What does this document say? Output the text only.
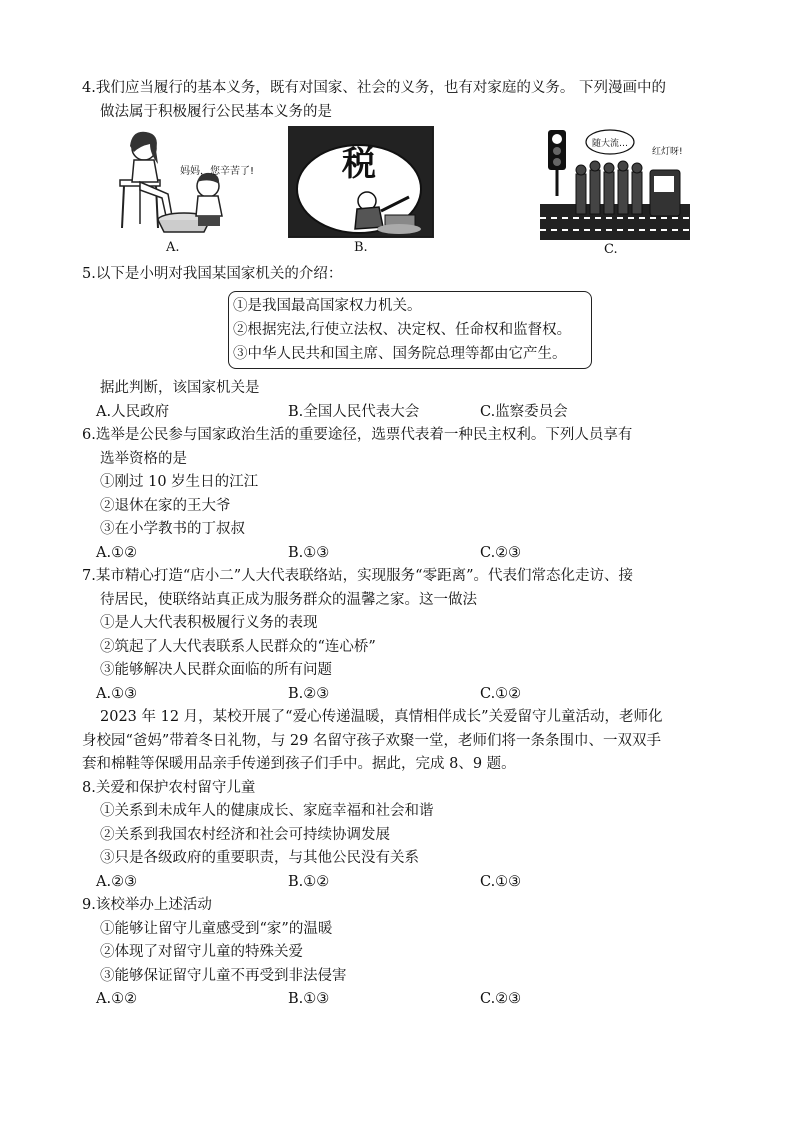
4.我们应当履行的基本义务，既有对国家、社会的义务，也有对家庭的义务。 下列漫画中的
做法属于积极履行公民基本义务的是
妈妈，您辛苦了!
A.
税
B.
随大流…
红灯呀!
C.
5.以下是小明对我国某国家机关的介绍：
①是我国最高国家权力机关。
②根据宪法,行使立法权、决定权、任命权和监督权。
③中华人民共和国主席、国务院总理等都由它产生。
据此判断，该国家机关是
A.人民政府	B.全国人民代表大会	C.监察委员会
6.选举是公民参与国家政治生活的重要途径，选票代表着一种民主权利。下列人员享有
选举资格的是
①刚过 10 岁生日的江江
②退休在家的王大爷
③在小学教书的丁叔叔
A.①②	B.①③	C.②③
7.某市精心打造“店小二”人大代表联络站，实现服务“零距离”。代表们常态化走访、接
待居民，使联络站真正成为服务群众的温馨之家。这一做法
①是人大代表积极履行义务的表现
②筑起了人大代表联系人民群众的“连心桥”
③能够解决人民群众面临的所有问题
A.①③	B.②③	C.①②
2023 年 12 月，某校开展了“爱心传递温暖，真情相伴成长”关爱留守儿童活动，老师化
身校园“爸妈”带着冬日礼物，与 29 名留守孩子欢聚一堂，老师们将一条条围巾、一双双手
套和棉鞋等保暖用品亲手传递到孩子们手中。据此，完成 8、9 题。
8.关爱和保护农村留守儿童
①关系到未成年人的健康成长、家庭幸福和社会和谐
②关系到我国农村经济和社会可持续协调发展
③只是各级政府的重要职责，与其他公民没有关系
A.②③	B.①②	C.①③
9.该校举办上述活动
①能够让留守儿童感受到“家”的温暖
②体现了对留守儿童的特殊关爱
③能够保证留守儿童不再受到非法侵害
A.①②	B.①③	C.②③
